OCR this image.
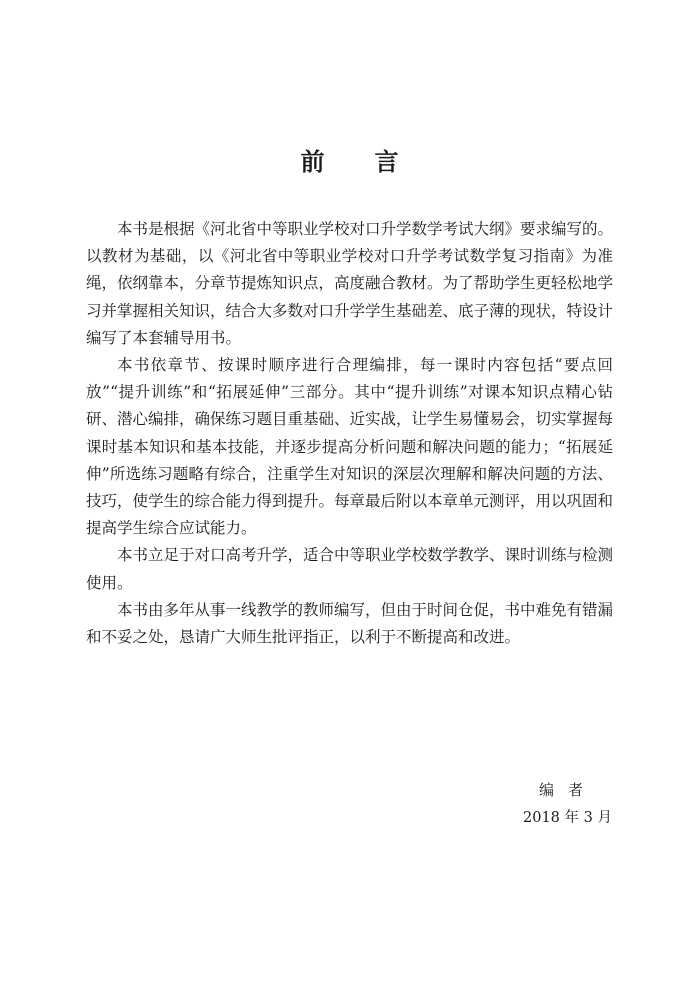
前 言

本书是根据《河北省中等职业学校对口升学数学考试大纲》要求编写的。以教材为基础，以《河北省中等职业学校对口升学考试数学复习指南》为准绳，依纲靠本，分章节提炼知识点，高度融合教材。为了帮助学生更轻松地学习并掌握相关知识，结合大多数对口升学学生基础差、底子薄的现状，特设计编写了本套辅导用书。

本书依章节、按课时顺序进行合理编排，每一课时内容包括“要点回放”“提升训练”和“拓展延伸”三部分。其中“提升训练”对课本知识点精心钻研、潜心编排，确保练习题目重基础、近实战，让学生易懂易会，切实掌握每课时基本知识和基本技能，并逐步提高分析问题和解决问题的能力；“拓展延伸”所选练习题略有综合，注重学生对知识的深层次理解和解决问题的方法、技巧，使学生的综合能力得到提升。每章最后附以本章单元测评，用以巩固和提高学生综合应试能力。

本书立足于对口高考升学，适合中等职业学校数学教学、课时训练与检测使用。

本书由多年从事一线教学的教师编写，但由于时间仓促，书中难免有错漏和不妥之处，恳请广大师生批评指正，以利于不断提高和改进。

编者
2018 年 3 月
